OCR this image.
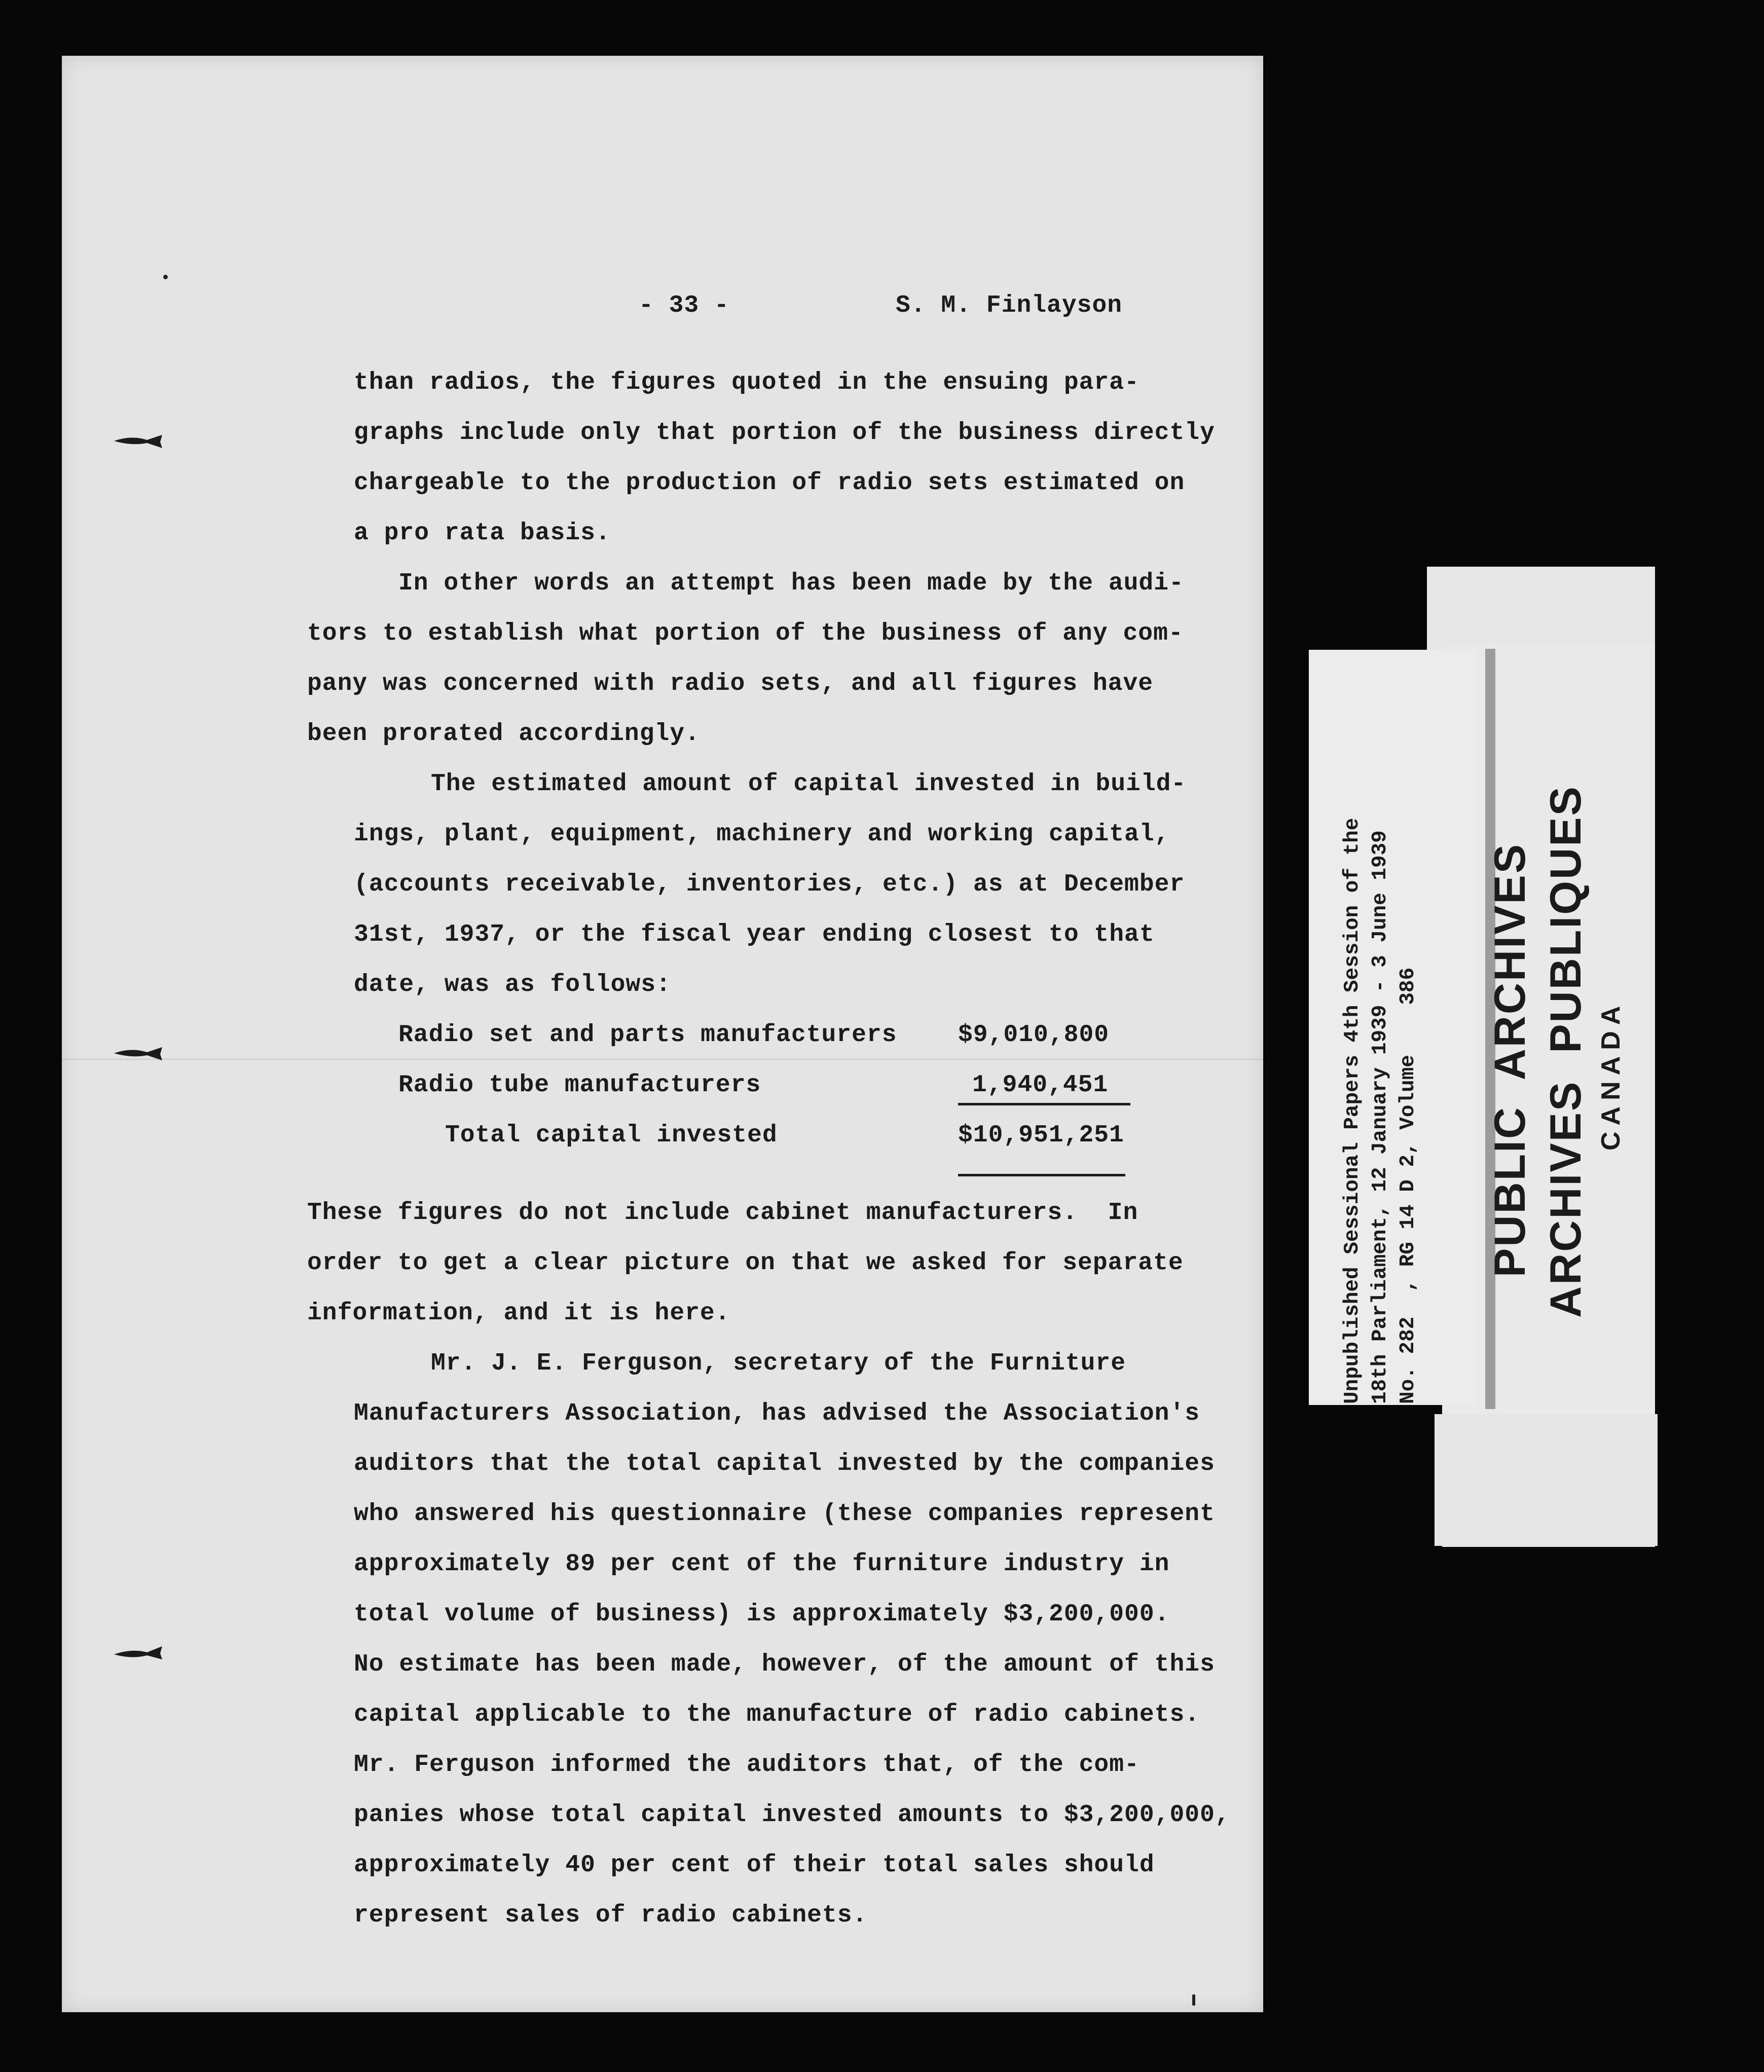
- 33 -	S. M. Finlayson
than radios, the figures quoted in the ensuing para-
graphs include only that portion of the business directly
chargeable to the production of radio sets estimated on
a pro rata basis.
In other words an attempt has been made by the audi-
tors to establish what portion of the business of any com-
pany was concerned with radio sets, and all figures have
been prorated accordingly.
The estimated amount of capital invested in build-
ings, plant, equipment, machinery and working capital,
(accounts receivable, inventories, etc.) as at December
31st, 1937, or the fiscal year ending closest to that
date, was as follows:
Radio set and parts manufacturers	$9,010,800
Radio tube manufacturers	1,940,451
Total capital invested	$10,951,251
These figures do not include cabinet manufacturers.  In
order to get a clear picture on that we asked for separate
information, and it is here.
Mr. J. E. Ferguson, secretary of the Furniture
Manufacturers Association, has advised the Association's
auditors that the total capital invested by the companies
who answered his questionnaire (these companies represent
approximately 89 per cent of the furniture industry in
total volume of business) is approximately $3,200,000.
No estimate has been made, however, of the amount of this
capital applicable to the manufacture of radio cabinets.
Mr. Ferguson informed the auditors that, of the com-
panies whose total capital invested amounts to $3,200,000,
approximately 40 per cent of their total sales should
represent sales of radio cabinets.
Unpublished Sessional Papers 4th Session of the 18th Parliament, 12 January 1939 - 3 June 1939 No. 282  , RG 14 D 2, Volume    386 PUBLIC  ARCHIVES ARCHIVES  PUBLIQUES CANADA
